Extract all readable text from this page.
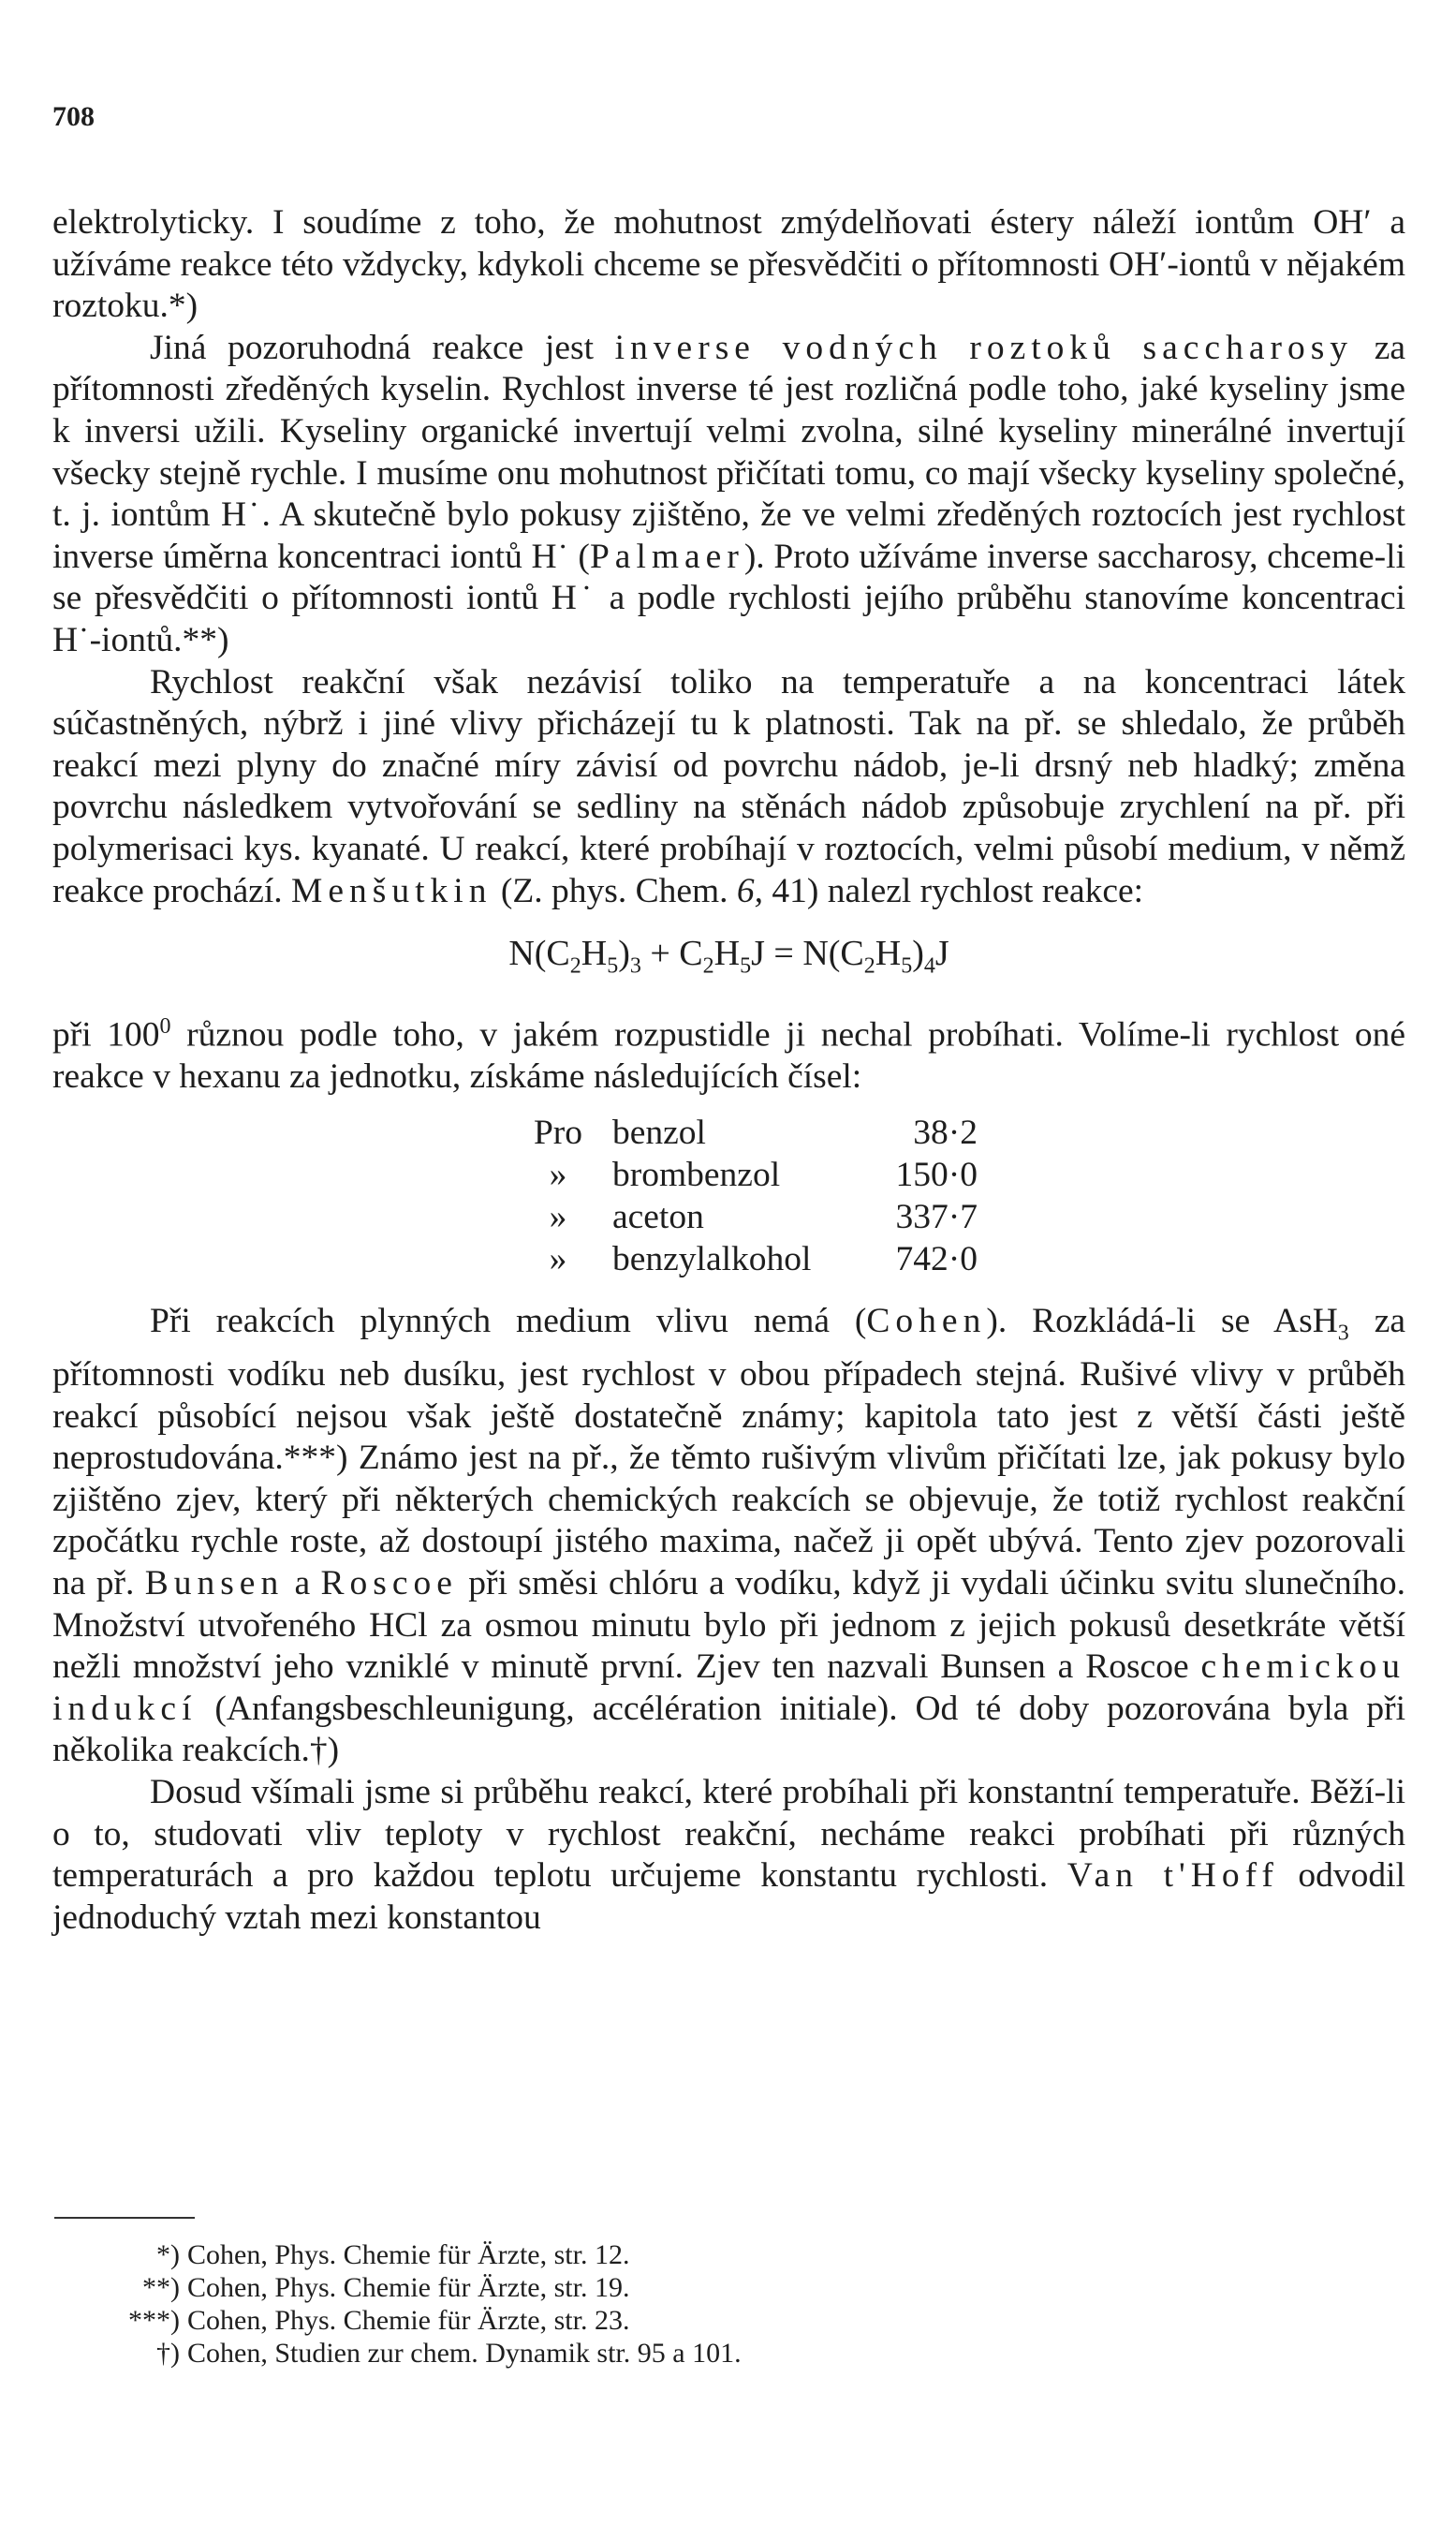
708

elektrolyticky. I soudíme z toho, že mohutnost zmýdelňovati éstery náleží iontům OH′ a užíváme reakce této vždycky, kdykoli chceme se přesvědčiti o přítomnosti OH′-iontů v nějakém roztoku.*)

Jiná pozoruhodná reakce jest inverse vodných roztoků saccharosy za přítomnosti zředěných kyselin. Rychlost inverse té jest rozličná podle toho, jaké kyseliny jsme k inversi užili. Kyseliny organické invertují velmi zvolna, silné kyseliny minerálné invertují všecky stejně rychle. I musíme onu mohutnost přičítati tomu, co mají všecky kyseliny společné, t. j. iontům H˙. A skutečně bylo pokusy zjištěno, že ve velmi zředěných roztocích jest rychlost inverse úměrna koncentraci iontů H˙ (Palmaer). Proto užíváme inverse saccharosy, chceme-li se přesvědčiti o přítomnosti iontů H˙ a podle rychlosti jejího průběhu stanovíme koncentraci H˙-iontů.**)

Rychlost reakční však nezávisí toliko na temperatuře a na koncentraci látek súčastněných, nýbrž i jiné vlivy přicházejí tu k platnosti. Tak na př. se shledalo, že průběh reakcí mezi plyny do značné míry závisí od povrchu nádob, je-li drsný neb hladký; změna povrchu následkem vytvořování se sedliny na stěnách nádob způsobuje zrychlení na př. při polymerisaci kys. kyanaté. U reakcí, které probíhají v roztocích, velmi působí medium, v němž reakce prochází. Menšutkin (Z. phys. Chem. 6, 41) nalezl rychlost reakce:

$N(C_2H_5)_3 + C_2H_5J = N(C_2H_5)_4J$

při $100^0$ různou podle toho, v jakém rozpustidle ji nechal probíhati. Volíme-li rychlost oné reakce v hexanu za jednotku, získáme následujících čísel:

Pro	benzol	38·2
»	brombenzol	150·0
»	aceton	337·7
»	benzylalkohol	742·0

Při reakcích plynných medium vlivu nemá (Cohen). Rozkládá-li se AsH$_3$ za přítomnosti vodíku neb dusíku, jest rychlost v obou případech stejná. Rušivé vlivy v průběh reakcí působící nejsou však ještě dostatečně známy; kapitola tato jest z větší části ještě neprostudována.***) Známo jest na př., že těmto rušivým vlivům přičítati lze, jak pokusy bylo zjištěno zjev, který při některých chemických reakcích se objevuje, že totiž rychlost reakční zpočátku rychle roste, až dostoupí jistého maxima, načež ji opět ubývá. Tento zjev pozorovali na př. Bunsen a Roscoe při směsi chlóru a vodíku, když ji vydali účinku svitu slunečního. Množství utvořeného HCl za osmou minutu bylo při jednom z jejich pokusů desetkráte větší nežli množství jeho vzniklé v minutě první. Zjev ten nazvali Bunsen a Roscoe chemickou indukcí (Anfangsbeschleunigung, accélération initiale). Od té doby pozorována byla při několika reakcích.†)

Dosud všímali jsme si průběhu reakcí, které probíhali při konstantní temperatuře. Běží-li o to, studovati vliv teploty v rychlost reakční, necháme reakci probíhati při různých temperaturách a pro každou teplotu určujeme konstantu rychlosti. Van t'Hoff odvodil jednoduchý vztah mezi konstantou

*) Cohen, Phys. Chemie für Ärzte, str. 12.
**) Cohen, Phys. Chemie für Ärzte, str. 19.
***) Cohen, Phys. Chemie für Ärzte, str. 23.
†) Cohen, Studien zur chem. Dynamik str. 95 a 101.
